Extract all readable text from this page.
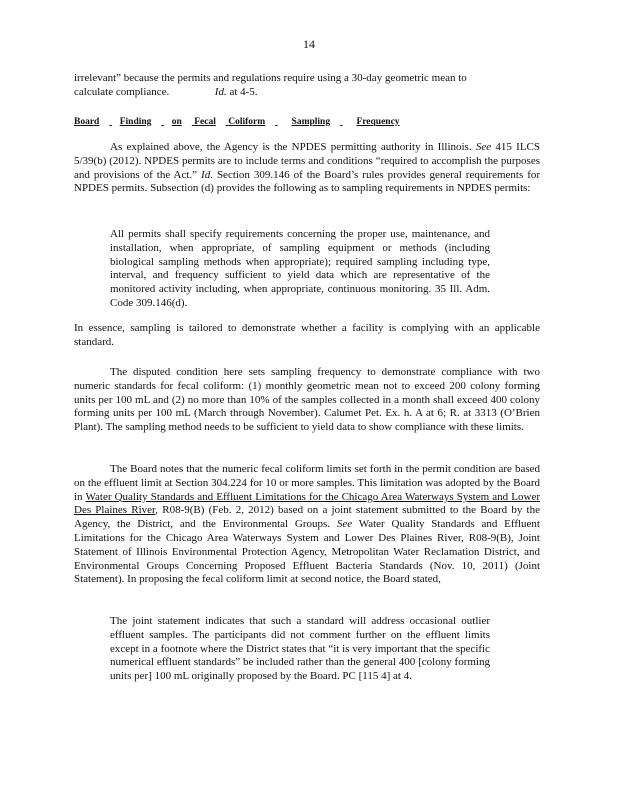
14

irrelevant” because the permits and regulations require using a 30-day geometric mean to

calculate compliance.	Id. at 4-5.

Board Finding on Fecal Coliform	Sampling	Frequency
As explained above, the Agency is the NPDES permitting authority in Illinois. See 415 ILCS 5/39(b) (2012). NPDES permits are to include terms and conditions “required to accomplish the purposes and provisions of the Act.” Id. Section 309.146 of the Board’s rules provides general requirements for NPDES permits. Subsection (d) provides the following as to sampling requirements in NPDES permits:
All permits shall specify requirements concerning the proper use, maintenance, and installation, when appropriate, of sampling equipment or methods (including biological sampling methods when appropriate); required sampling including type, interval, and frequency sufficient to yield data which are representative of the monitored activity including, when appropriate, continuous monitoring. 35 Ill. Adm. Code 309.146(d).
In essence, sampling is tailored to demonstrate whether a facility is complying with an applicable standard.
The disputed condition here sets sampling frequency to demonstrate compliance with two numeric standards for fecal coliform: (1) monthly geometric mean not to exceed 200 colony forming units per 100 mL and (2) no more than 10% of the samples collected in a month shall exceed 400 colony forming units per 100 mL (March through November). Calumet Pet. Ex. h. A at 6; R. at 3313 (O’Brien Plant). The sampling method needs to be sufficient to yield data to show compliance with these limits.
The Board notes that the numeric fecal coliform limits set forth in the permit condition are based on the effluent limit at Section 304.224 for 10 or more samples. This limitation was adopted by the Board in Water Quality Standards and Effluent Limitations for the Chicago Area Waterways System and Lower Des Plaines River, R08-9(B) (Feb. 2, 2012) based on a joint statement submitted to the Board by the Agency, the District, and the Environmental Groups. See Water Quality Standards and Effluent Limitations for the Chicago Area Waterways System and Lower Des Plaines River, R08-9(B), Joint Statement of Illinois Environmental Protection Agency, Metropolitan Water Reclamation District, and Environmental Groups Concerning Proposed Effluent Bacteria Standards (Nov. 10, 2011) (Joint Statement). In proposing the fecal coliform limit at second notice, the Board stated,
The joint statement indicates that such a standard will address occasional outlier effluent samples. The participants did not comment further on the effluent limits except in a footnote where the District states that “it is very important that the specific numerical effluent standards” be included rather than the general 400 [colony forming units per] 100 mL originally proposed by the Board. PC [115 4] at 4.
